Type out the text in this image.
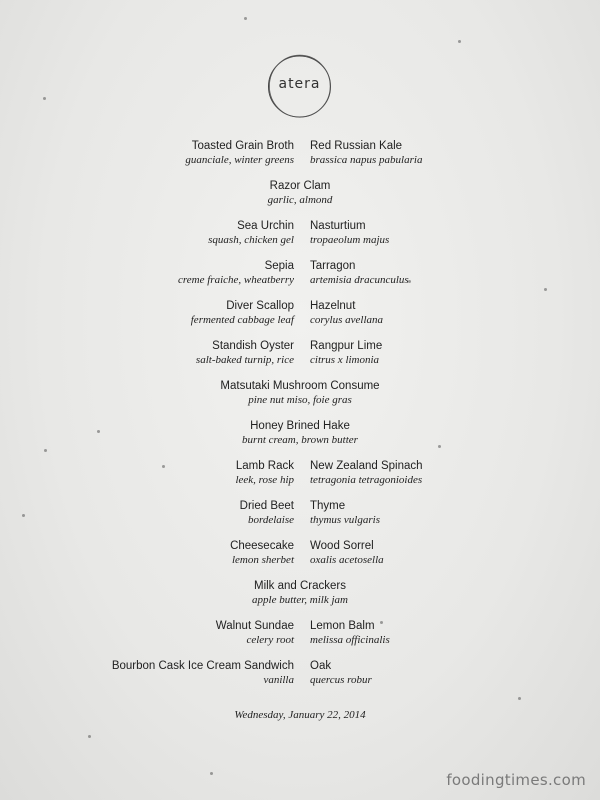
atera
Toasted Grain Broth
guanciale, winter greens
Red Russian Kale
brassica napus pabularia
Razor Clam
garlic, almond
Sea Urchin
squash, chicken gel
Nasturtium
tropaeolum majus
Sepia
creme fraiche, wheatberry
Tarragon
artemisia dracunculus
Diver Scallop
fermented cabbage leaf
Hazelnut
corylus avellana
Standish Oyster
salt-baked turnip, rice
Rangpur Lime
citrus x limonia
Matsutaki Mushroom Consume
pine nut miso, foie gras
Honey Brined Hake
burnt cream, brown butter
Lamb Rack
leek, rose hip
New Zealand Spinach
tetragonia tetragonioides
Dried Beet
bordelaise
Thyme
thymus vulgaris
Cheesecake
lemon sherbet
Wood Sorrel
oxalis acetosella
Milk and Crackers
apple butter, milk jam
Walnut Sundae
celery root
Lemon Balm
melissa officinalis
Bourbon Cask Ice Cream Sandwich
vanilla
Oak
quercus robur
Wednesday, January 22, 2014
foodingtimes.com
